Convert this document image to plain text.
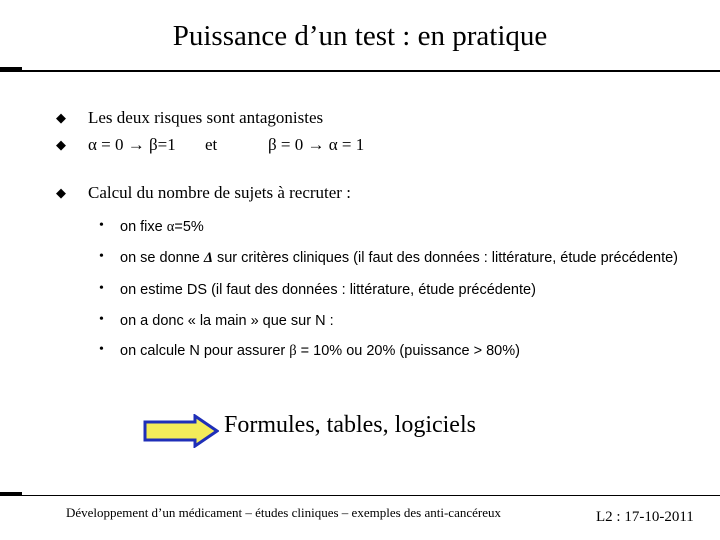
Puissance d’un test : en pratique
◆ Les deux risques sont antagonistes
◆ α = 0 → β=1 et	β = 0 → α = 1
◆ Calcul du nombre de sujets à recruter :
• on fixe α=5%
• on se donne Δ sur critères cliniques (il faut des données : littérature, étude précédente)
• on estime DS (il faut des données : littérature, étude précédente)
• on a donc « la main » que sur N :
• on calcule N pour assurer β = 10% ou 20% (puissance > 80%)
Formules, tables, logiciels
Développement d’un médicament – études cliniques – exemples des anti-cancéreux	L2 : 17-10-2011
